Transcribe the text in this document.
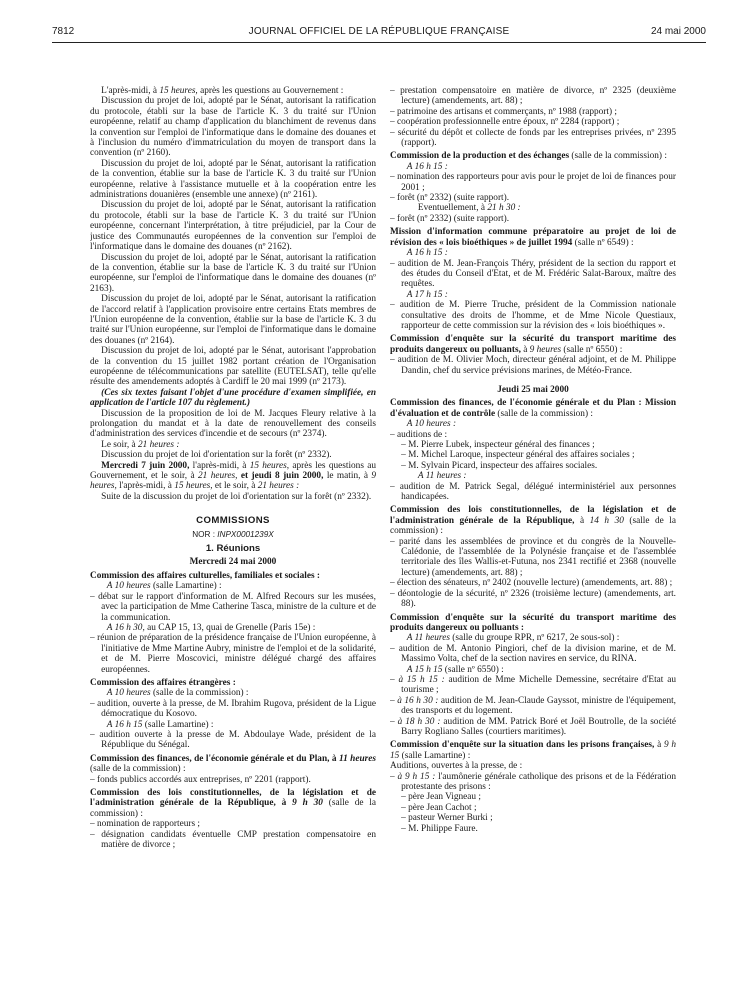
7812	JOURNAL OFFICIEL DE LA RÉPUBLIQUE FRANÇAISE	24 mai 2000

L'après-midi, à 15 heures, après les questions au Gouvernement :

Discussion du projet de loi, adopté par le Sénat, autorisant la ratification du protocole, établi sur la base de l'article K. 3 du traité sur l'Union européenne, relatif au champ d'application du blanchiment de revenus dans la convention sur l'emploi de l'informatique dans le domaine des douanes et à l'inclusion du numéro d'immatriculation du moyen de transport dans la convention (nº 2160).

Discussion du projet de loi, adopté par le Sénat, autorisant la ratification de la convention, établie sur la base de l'article K. 3 du traité sur l'Union européenne, relative à l'assistance mutuelle et à la coopération entre les administrations douanières (ensemble une annexe) (nº 2161).

Discussion du projet de loi, adopté par le Sénat, autorisant la ratification du protocole, établi sur la base de l'article K. 3 du traité sur l'Union européenne, concernant l'interprétation, à titre préjudiciel, par la Cour de justice des Communautés européennes de la convention sur l'emploi de l'informatique dans le domaine des douanes (nº 2162).

Discussion du projet de loi, adopté par le Sénat, autorisant la ratification de la convention, établie sur la base de l'article K. 3 du traité sur l'Union européenne, sur l'emploi de l'informatique dans le domaine des douanes (nº 2163).

Discussion du projet de loi, adopté par le Sénat, autorisant la ratification de l'accord relatif à l'application provisoire entre certains Etats membres de l'Union européenne de la convention, établie sur la base de l'article K. 3 du traité sur l'Union européenne, sur l'emploi de l'informatique dans le domaine des douanes (nº 2164).

Discussion du projet de loi, adopté par le Sénat, autorisant l'approbation de la convention du 15 juillet 1982 portant création de l'Organisation européenne de télécommunications par satellite (EUTELSAT), telle qu'elle résulte des amendements adoptés à Cardiff le 20 mai 1999 (nº 2173).

(Ces six textes faisant l'objet d'une procédure d'examen simplifiée, en application de l'article 107 du règlement.)

Discussion de la proposition de loi de M. Jacques Fleury relative à la prolongation du mandat et à la date de renouvellement des conseils d'administration des services d'incendie et de secours (nº 2374).

Le soir, à 21 heures :

Discussion du projet de loi d'orientation sur la forêt (nº 2332).

Mercredi 7 juin 2000, l'après-midi, à 15 heures, après les questions au Gouvernement, et le soir, à 21 heures, et jeudi 8 juin 2000, le matin, à 9 heures, l'après-midi, à 15 heures, et le soir, à 21 heures :

Suite de la discussion du projet de loi d'orientation sur la forêt (nº 2332).

COMMISSIONS

NOR : INPX0001239X

1. Réunions

Mercredi 24 mai 2000

Commission des affaires culturelles, familiales et sociales :

A 10 heures (salle Lamartine) :

– débat sur le rapport d'information de M. Alfred Recours sur les musées, avec la participation de Mme Catherine Tasca, ministre de la culture et de la communication.

A 16 h 30, au CAP 15, 13, quai de Grenelle (Paris 15e) :

– réunion de préparation de la présidence française de l'Union européenne, à l'initiative de Mme Martine Aubry, ministre de l'emploi et de la solidarité, et de M. Pierre Moscovici, ministre délégué chargé des affaires européennes.

Commission des affaires étrangères :

A 10 heures (salle de la commission) :

– audition, ouverte à la presse, de M. Ibrahim Rugova, président de la Ligue démocratique du Kosovo.

A 16 h 15 (salle Lamartine) :

– audition ouverte à la presse de M. Abdoulaye Wade, président de la République du Sénégal.

Commission des finances, de l'économie générale et du Plan, à 11 heures (salle de la commission) :

– fonds publics accordés aux entreprises, nº 2201 (rapport).

Commission des lois constitutionnelles, de la législation et de l'administration générale de la République, à 9 h 30 (salle de la commission) :

– nomination de rapporteurs ;

– désignation candidats éventuelle CMP prestation compensatoire en matière de divorce ;

– prestation compensatoire en matière de divorce, nº 2325 (deuxième lecture) (amendements, art. 88) ;

– patrimoine des artisans et commerçants, nº 1988 (rapport) ;

– coopération professionnelle entre époux, nº 2284 (rapport) ;

– sécurité du dépôt et collecte de fonds par les entreprises privées, nº 2395 (rapport).

Commission de la production et des échanges (salle de la commission) :

A 16 h 15 :

– nomination des rapporteurs pour avis pour le projet de loi de finances pour 2001 ;

– forêt (nº 2332) (suite rapport).

Eventuellement, à 21 h 30 :

– forêt (nº 2332) (suite rapport).

Mission d'information commune préparatoire au projet de loi de révision des « lois bioéthiques » de juillet 1994 (salle nº 6549) :

A 16 h 15 :

– audition de M. Jean-François Théry, président de la section du rapport et des études du Conseil d'Etat, et de M. Frédéric Salat-Baroux, maître des requêtes.

A 17 h 15 :

– audition de M. Pierre Truche, président de la Commission nationale consultative des droits de l'homme, et de Mme Nicole Questiaux, rapporteur de cette commission sur la révision des « lois bioéthiques ».

Commission d'enquête sur la sécurité du transport maritime des produits dangereux ou polluants, à 9 heures (salle nº 6550) :

– audition de M. Olivier Moch, directeur général adjoint, et de M. Philippe Dandin, chef du service prévisions marines, de Météo-France.

Jeudi 25 mai 2000

Commission des finances, de l'économie générale et du Plan : Mission d'évaluation et de contrôle (salle de la commission) :

A 10 heures :

– auditions de :

– M. Pierre Lubek, inspecteur général des finances ;

– M. Michel Laroque, inspecteur général des affaires sociales ;

– M. Sylvain Picard, inspecteur des affaires sociales.

A 11 heures :

– audition de M. Patrick Segal, délégué interministériel aux personnes handicapées.

Commission des lois constitutionnelles, de la législation et de l'administration générale de la République, à 14 h 30 (salle de la commission) :

– parité dans les assemblées de province et du congrès de la Nouvelle-Calédonie, de l'assemblée de la Polynésie française et de l'assemblée territoriale des îles Wallis-et-Futuna, nos 2341 rectifié et 2368 (nouvelle lecture) (amendements, art. 88) ;

– élection des sénateurs, nº 2402 (nouvelle lecture) (amendements, art. 88) ;

– déontologie de la sécurité, nº 2326 (troisième lecture) (amendements, art. 88).

Commission d'enquête sur la sécurité du transport maritime des produits dangereux ou polluants :

A 11 heures (salle du groupe RPR, nº 6217, 2e sous-sol) :

– audition de M. Antonio Pingiori, chef de la division marine, et de M. Massimo Volta, chef de la section navires en service, du RINA.

A 15 h 15 (salle nº 6550) :

– à 15 h 15 : audition de Mme Michelle Demessine, secrétaire d'Etat au tourisme ;

– à 16 h 30 : audition de M. Jean-Claude Gayssot, ministre de l'équipement, des transports et du logement.

– à 18 h 30 : audition de MM. Patrick Boré et Joël Boutrolle, de la société Barry Rogliano Salles (courtiers maritimes).

Commission d'enquête sur la situation dans les prisons françaises, à 9 h 15 (salle Lamartine) :

Auditions, ouvertes à la presse, de :

– à 9 h 15 : l'aumônerie générale catholique des prisons et de la Fédération protestante des prisons :

– père Jean Vigneau ;

– père Jean Cachot ;

– pasteur Werner Burki ;

– M. Philippe Faure.
